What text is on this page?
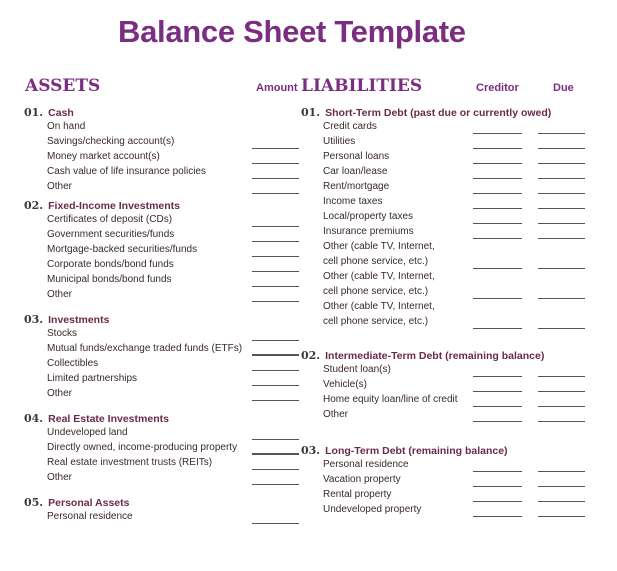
Balance Sheet Template
ASSETS	Amount LIABILITIES	Creditor	Due
01. Cash
On hand
Savings/checking account(s)
Money market account(s)
Cash value of life insurance policies
Other
02. Fixed-Income Investments
Certificates of deposit (CDs)
Government securities/funds
Mortgage-backed securities/funds
Corporate bonds/bond funds
Municipal bonds/bond funds
Other
03. Investments
Stocks
Mutual funds/exchange traded funds (ETFs)
Collectibles
Limited partnerships
Other
04. Real Estate Investments
Undeveloped land
Directly owned, income-producing property
Real estate investment trusts (REITs)
Other
05. Personal Assets
Personal residence
01. Short-Term Debt (past due or currently owed)
Credit cards
Utilities
Personal loans
Car loan/lease
Rent/mortgage
Income taxes
Local/property taxes
Insurance premiums
Other (cable TV, Internet,
cell phone service, etc.)
Other (cable TV, Internet,
cell phone service, etc.)
Other (cable TV, Internet,
cell phone service, etc.)
02. Intermediate-Term Debt (remaining balance)
Student loan(s)
Vehicle(s)
Home equity loan/line of credit
Other
03. Long-Term Debt (remaining balance)
Personal residence
Vacation property
Rental property
Undeveloped property
